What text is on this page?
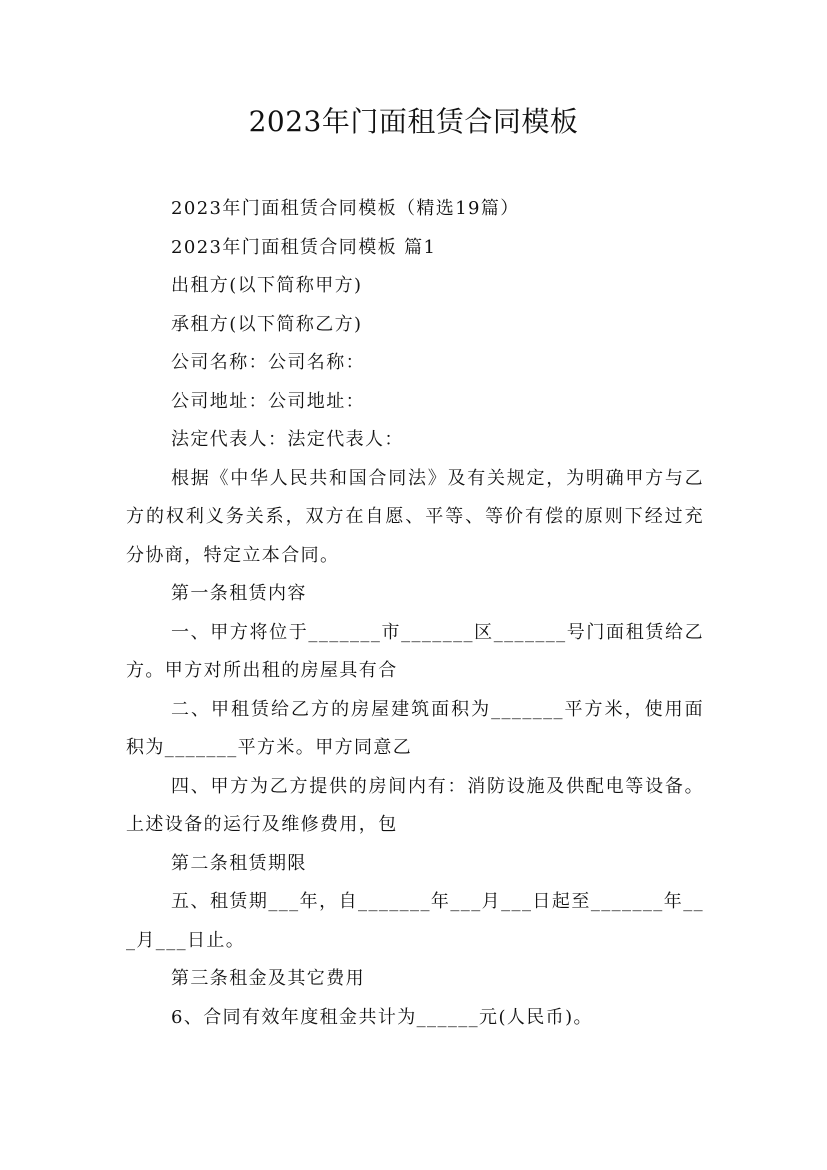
2023年门面租赁合同模板

2023年门面租赁合同模板（精选19篇）

2023年门面租赁合同模板 篇1

出租方(以下简称甲方)

承租方(以下简称乙方)

公司名称：公司名称：

公司地址：公司地址：

法定代表人：法定代表人：

根据《中华人民共和国合同法》及有关规定，为明确甲方与乙方的权利义务关系，双方在自愿、平等、等价有偿的原则下经过充分协商，特定立本合同。

第一条租赁内容

一、甲方将位于_______市_______区_______号门面租赁给乙方。甲方对所出租的房屋具有合

二、甲租赁给乙方的房屋建筑面积为_______平方米，使用面积为_______平方米。甲方同意乙

四、甲方为乙方提供的房间内有：消防设施及供配电等设备。上述设备的运行及维修费用，包

第二条租赁期限

五、租赁期___年，自_______年___月___日起至_______年___月___日止。

第三条租金及其它费用

6、合同有效年度租金共计为______元(人民币)。
